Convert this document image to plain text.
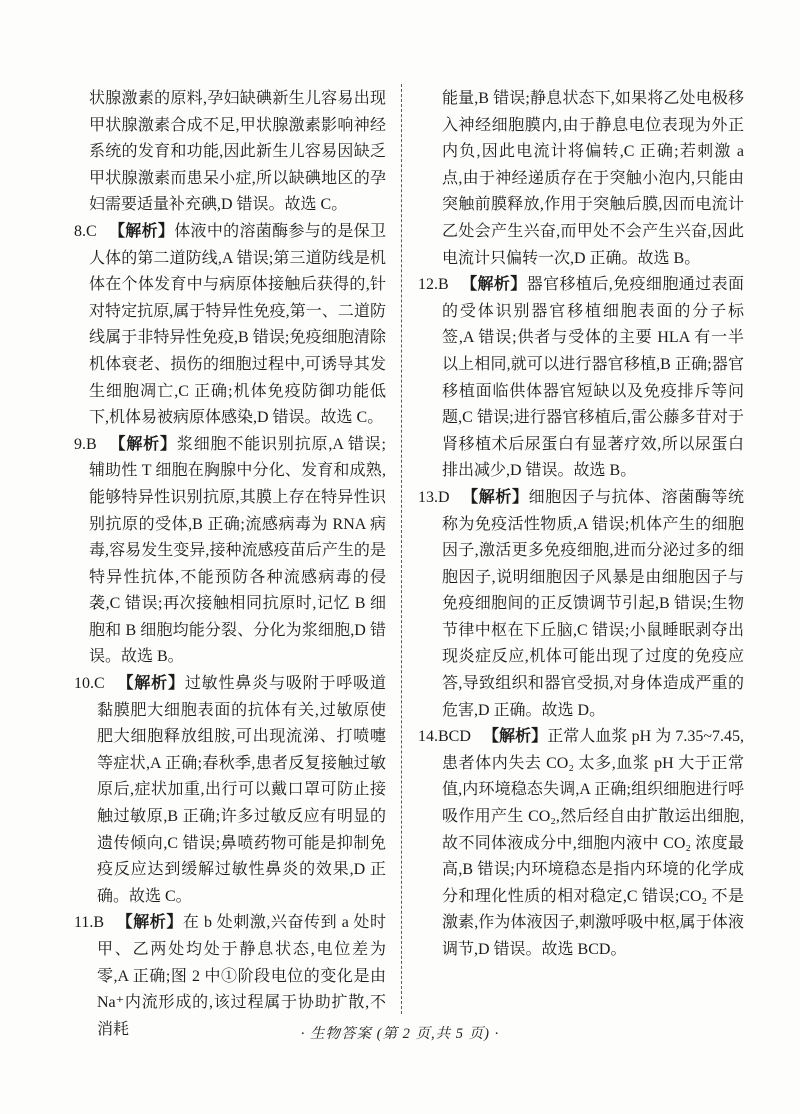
状腺激素的原料,孕妇缺碘新生儿容易出现甲状腺激素合成不足,甲状腺激素影响神经系统的发育和功能,因此新生儿容易因缺乏甲状腺激素而患呆小症,所以缺碘地区的孕妇需要适量补充碘,D 错误。故选 C。

8.C 【解析】体液中的溶菌酶参与的是保卫人体的第二道防线,A 错误;第三道防线是机体在个体发育中与病原体接触后获得的,针对特定抗原,属于特异性免疫,第一、二道防线属于非特异性免疫,B 错误;免疫细胞清除机体衰老、损伤的细胞过程中,可诱导其发生细胞凋亡,C 正确;机体免疫防御功能低下,机体易被病原体感染,D 错误。故选 C。

9.B 【解析】浆细胞不能识别抗原,A 错误;辅助性 T 细胞在胸腺中分化、发育和成熟,能够特异性识别抗原,其膜上存在特异性识别抗原的受体,B 正确;流感病毒为 RNA 病毒,容易发生变异,接种流感疫苗后产生的是特异性抗体,不能预防各种流感病毒的侵袭,C 错误;再次接触相同抗原时,记忆 B 细胞和 B 细胞均能分裂、分化为浆细胞,D 错误。故选 B。

10.C 【解析】过敏性鼻炎与吸附于呼吸道黏膜肥大细胞表面的抗体有关,过敏原使肥大细胞释放组胺,可出现流涕、打喷嚏等症状,A 正确;春秋季,患者反复接触过敏原后,症状加重,出行可以戴口罩可防止接触过敏原,B 正确;许多过敏反应有明显的遗传倾向,C 错误;鼻喷药物可能是抑制免疫反应达到缓解过敏性鼻炎的效果,D 正确。故选 C。

11.B 【解析】在 b 处刺激,兴奋传到 a 处时甲、乙两处均处于静息状态,电位差为零,A 正确;图 2 中①阶段电位的变化是由 Na⁺内流形成的,该过程属于协助扩散,不消耗

能量,B 错误;静息状态下,如果将乙处电极移入神经细胞膜内,由于静息电位表现为外正内负,因此电流计将偏转,C 正确;若刺激 a 点,由于神经递质存在于突触小泡内,只能由突触前膜释放,作用于突触后膜,因而电流计乙处会产生兴奋,而甲处不会产生兴奋,因此电流计只偏转一次,D 正确。故选 B。

12.B 【解析】器官移植后,免疫细胞通过表面的受体识别器官移植细胞表面的分子标签,A 错误;供者与受体的主要 HLA 有一半以上相同,就可以进行器官移植,B 正确;器官移植面临供体器官短缺以及免疫排斥等问题,C 错误;进行器官移植后,雷公藤多苷对于肾移植术后尿蛋白有显著疗效,所以尿蛋白排出减少,D 错误。故选 B。

13.D 【解析】细胞因子与抗体、溶菌酶等统称为免疫活性物质,A 错误;机体产生的细胞因子,激活更多免疫细胞,进而分泌过多的细胞因子,说明细胞因子风暴是由细胞因子与免疫细胞间的正反馈调节引起,B 错误;生物节律中枢在下丘脑,C 错误;小鼠睡眠剥夺出现炎症反应,机体可能出现了过度的免疫应答,导致组织和器官受损,对身体造成严重的危害,D 正确。故选 D。

14.BCD 【解析】正常人血浆 pH 为 7.35~7.45,患者体内失去 CO₂ 太多,血浆 pH 大于正常值,内环境稳态失调,A 正确;组织细胞进行呼吸作用产生 CO₂,然后经自由扩散运出细胞,故不同体液成分中,细胞内液中 CO₂ 浓度最高,B 错误;内环境稳态是指内环境的化学成分和理化性质的相对稳定,C 错误;CO₂ 不是激素,作为体液因子,刺激呼吸中枢,属于体液调节,D 错误。故选 BCD。

· 生物答案 (第 2 页,共 5 页) ·
